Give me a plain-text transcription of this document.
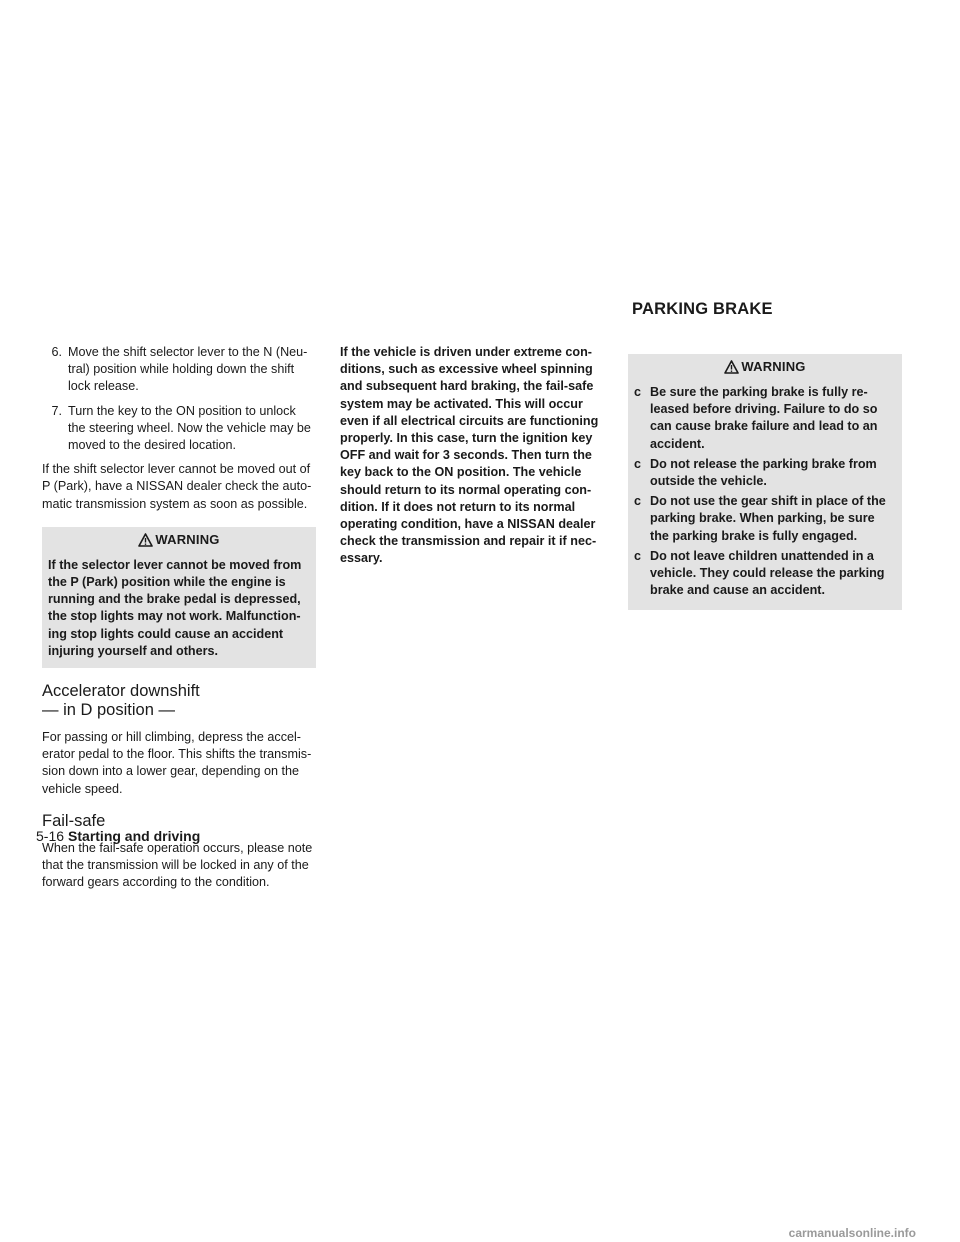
PARKING BRAKE
6. Move the shift selector lever to the N (Neu-tral) position while holding down the shift lock release.
7. Turn the key to the ON position to unlock the steering wheel. Now the vehicle may be moved to the desired location.

If the shift selector lever cannot be moved out of P (Park), have a NISSAN dealer check the auto-matic transmission system as soon as possible.

WARNING
If the selector lever cannot be moved from the P (Park) position while the engine is running and the brake pedal is depressed, the stop lights may not work. Malfunction-ing stop lights could cause an accident injuring yourself and others.
Accelerator downshift
— in D position —

For passing or hill climbing, depress the accel-erator pedal to the floor. This shifts the transmis-sion down into a lower gear, depending on the vehicle speed.

Fail-safe

When the fail-safe operation occurs, please note that the transmission will be locked in any of the forward gears according to the condition.

If the vehicle is driven under extreme con-ditions, such as excessive wheel spinning and subsequent hard braking, the fail-safe system may be activated. This will occur even if all electrical circuits are functioning properly. In this case, turn the ignition key OFF and wait for 3 seconds. Then turn the key back to the ON position. The vehicle should return to its normal operating con-dition. If it does not return to its normal operating condition, have a NISSAN dealer check the transmission and repair it if nec-essary.

WARNING
c Be sure the parking brake is fully re-leased before driving. Failure to do so can cause brake failure and lead to an accident.
c Do not release the parking brake from outside the vehicle.
c Do not use the gear shift in place of the parking brake. When parking, be sure the parking brake is fully engaged.
c Do not leave children unattended in a vehicle. They could release the parking brake and cause an accident.
5-16 Starting and driving
carmanualsonline.info
